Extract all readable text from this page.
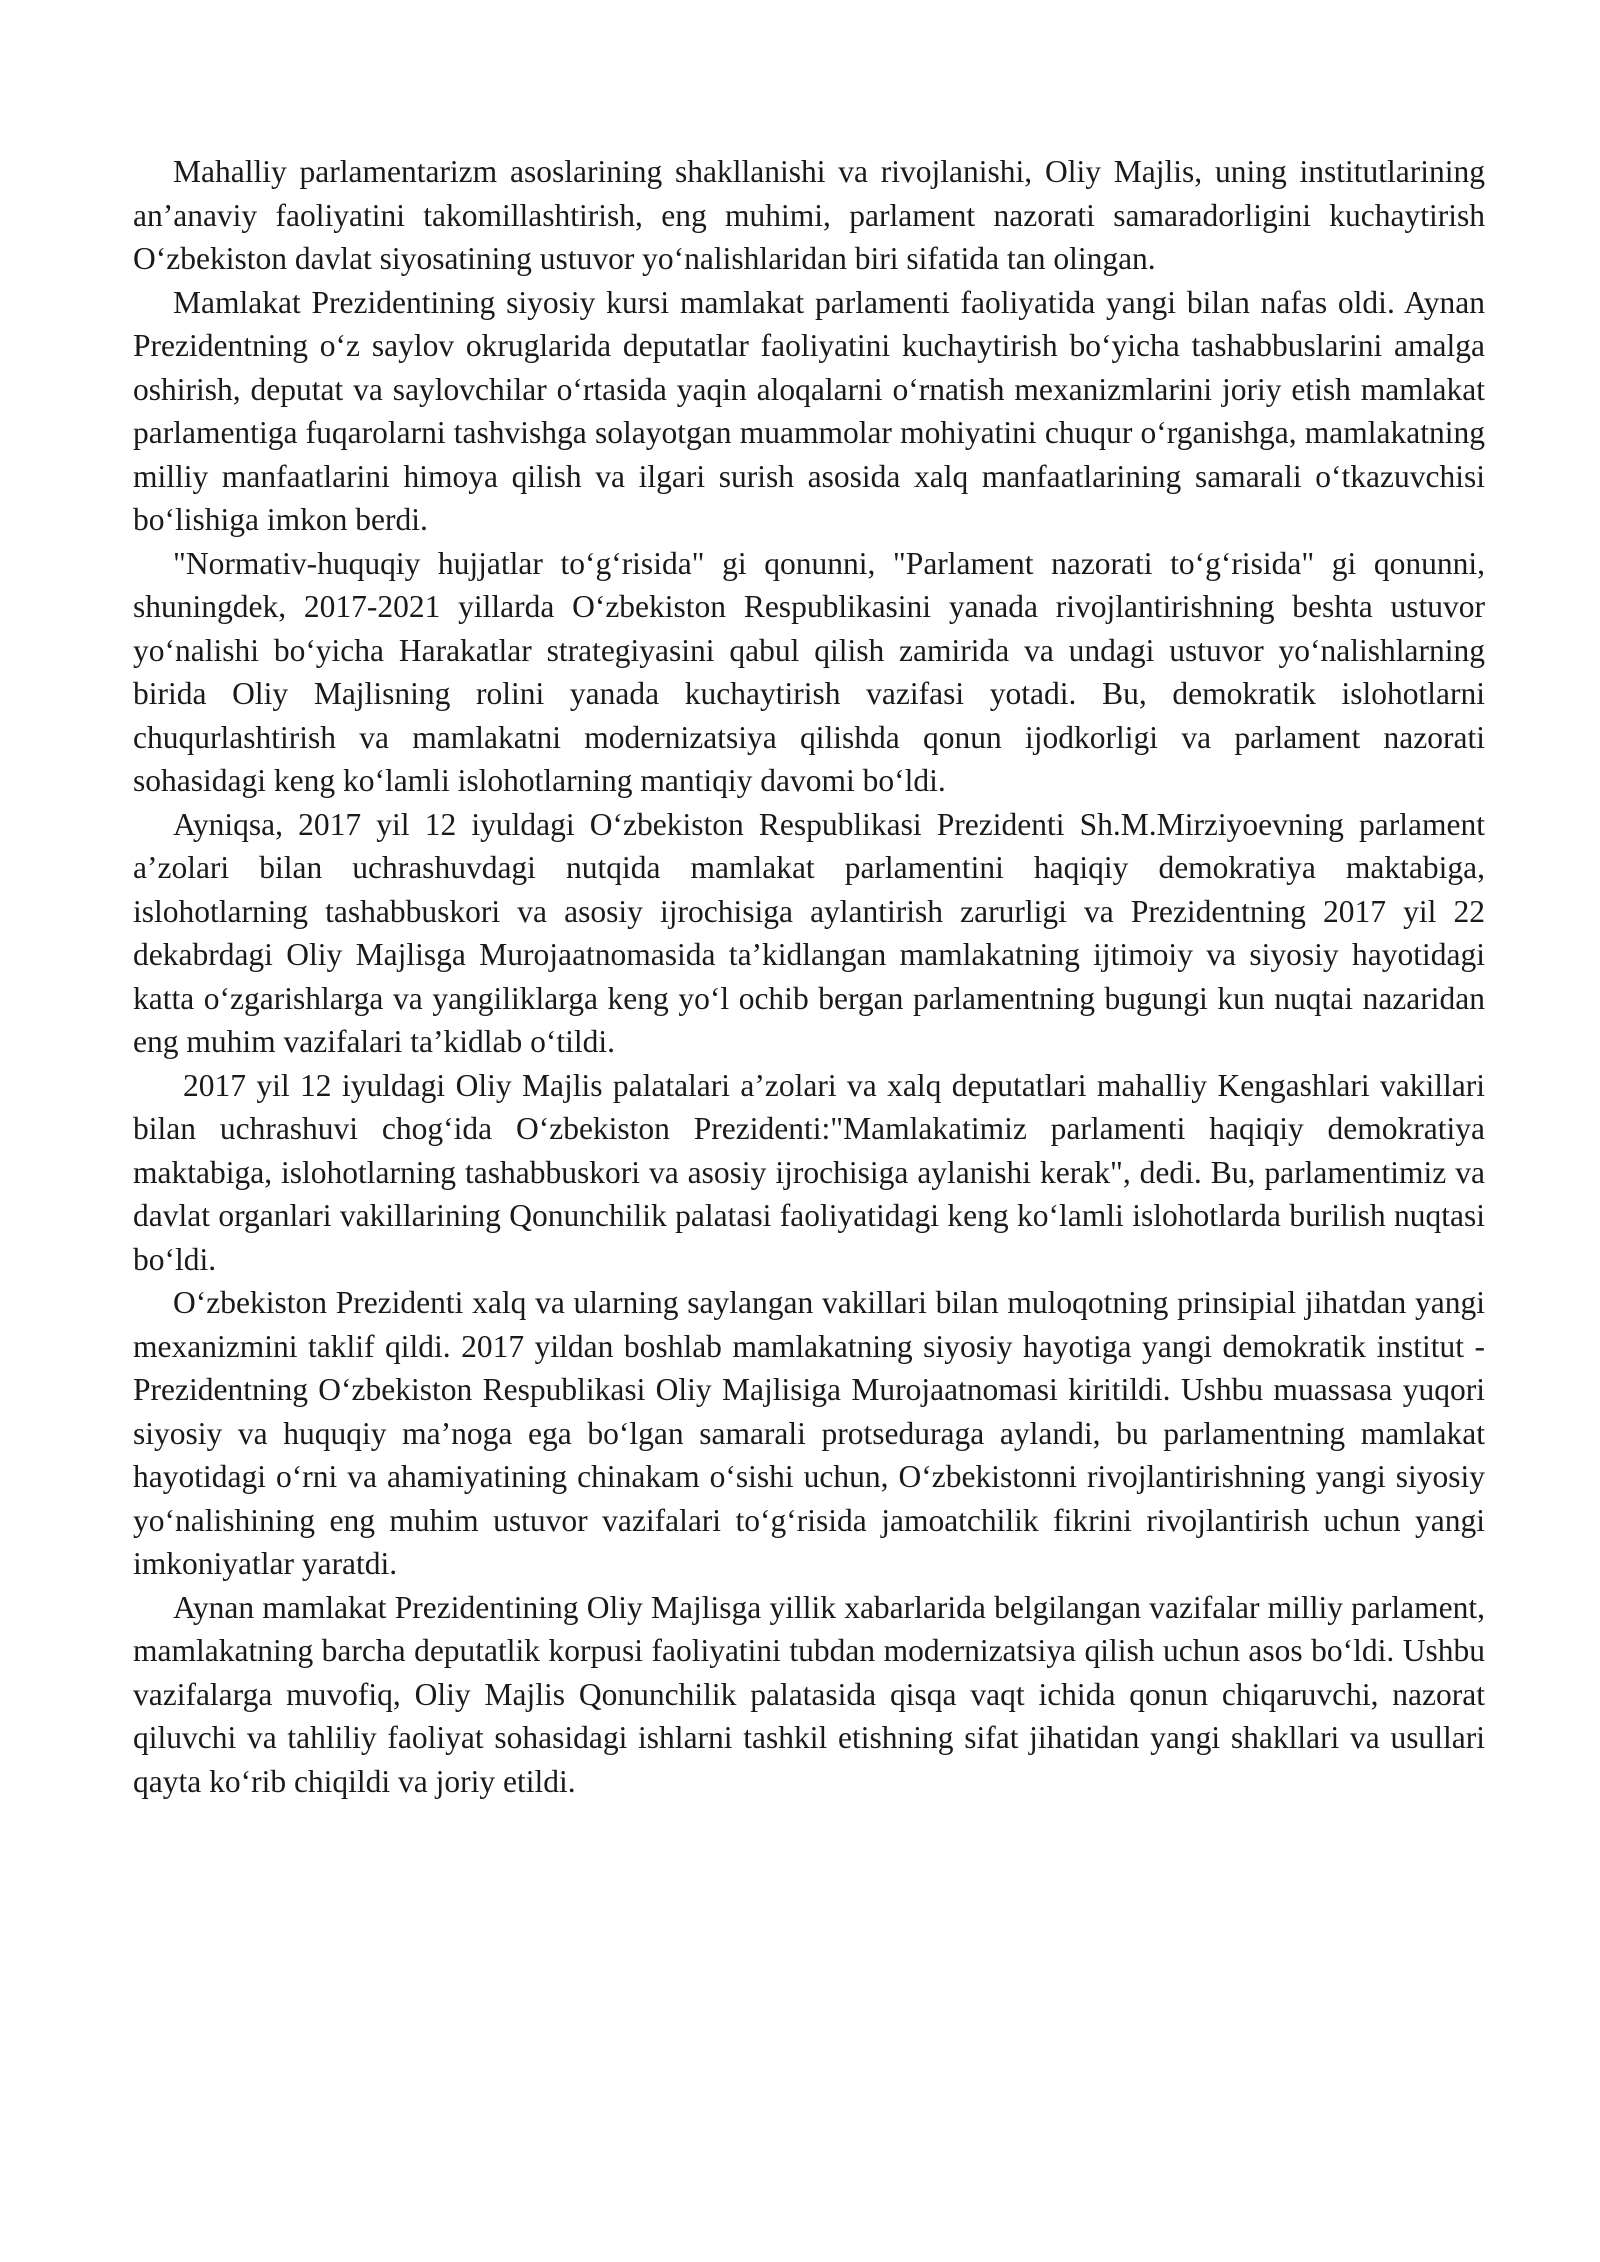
Mahalliy parlamentarizm asoslarining shakllanishi va rivojlanishi, Oliy Majlis, uning institutlarining an’anaviy faoliyatini takomillashtirish, eng muhimi, parlament nazorati samaradorligini kuchaytirish O‘zbekiston davlat siyosatining ustuvor yo‘nalishlaridan biri sifatida tan olingan.

Mamlakat Prezidentining siyosiy kursi mamlakat parlamenti faoliyatida yangi bilan nafas oldi. Aynan Prezidentning o‘z saylov okruglarida deputatlar faoliyatini kuchaytirish bo‘yicha tashabbuslarini amalga oshirish, deputat va saylovchilar o‘rtasida yaqin aloqalarni o‘rnatish mexanizmlarini joriy etish mamlakat parlamentiga fuqarolarni tashvishga solayotgan muammolar mohiyatini chuqur o‘rganishga, mamlakatning milliy manfaatlarini himoya qilish va ilgari surish asosida xalq manfaatlarining samarali o‘tkazuvchisi bo‘lishiga imkon berdi.

"Normativ-huquqiy hujjatlar to‘g‘risida" gi qonunni, "Parlament nazorati to‘g‘risida" gi qonunni, shuningdek, 2017-2021 yillarda O‘zbekiston Respublikasini yanada rivojlantirishning beshta ustuvor yo‘nalishi bo‘yicha Harakatlar strategiyasini qabul qilish zamirida va undagi ustuvor yo‘nalishlarning birida Oliy Majlisning rolini yanada kuchaytirish vazifasi yotadi. Bu, demokratik islohotlarni chuqurlashtirish va mamlakatni modernizatsiya qilishda qonun ijodkorligi va parlament nazorati sohasidagi keng ko‘lamli islohotlarning mantiqiy davomi bo‘ldi.

Ayniqsa, 2017 yil 12 iyuldagi O‘zbekiston Respublikasi Prezidenti Sh.M.Mirziyoevning parlament a’zolari bilan uchrashuvdagi nutqida mamlakat parlamentini haqiqiy demokratiya maktabiga, islohotlarning tashabbuskori va asosiy ijrochisiga aylantirish zarurligi va Prezidentning 2017 yil 22 dekabrdagi Oliy Majlisga Murojaatnomasida ta’kidlangan mamlakatning ijtimoiy va siyosiy hayotidagi katta o‘zgarishlarga va yangiliklarga keng yo‘l ochib bergan parlamentning bugungi kun nuqtai nazaridan eng muhim vazifalari ta’kidlab o‘tildi.

2017 yil 12 iyuldagi Oliy Majlis palatalari a’zolari va xalq deputatlari mahalliy Kengashlari vakillari bilan uchrashuvi chog‘ida O‘zbekiston Prezidenti:"Mamlakatimiz parlamenti haqiqiy demokratiya maktabiga, islohotlarning tashabbuskori va asosiy ijrochisiga aylanishi kerak", dedi. Bu, parlamentimiz va davlat organlari vakillarining Qonunchilik palatasi faoliyatidagi keng ko‘lamli islohotlarda burilish nuqtasi bo‘ldi.

O‘zbekiston Prezidenti xalq va ularning saylangan vakillari bilan muloqotning prinsipial jihatdan yangi mexanizmini taklif qildi. 2017 yildan boshlab mamlakatning siyosiy hayotiga yangi demokratik institut - Prezidentning O‘zbekiston Respublikasi Oliy Majlisiga Murojaatnomasi kiritildi. Ushbu muassasa yuqori siyosiy va huquqiy ma’noga ega bo‘lgan samarali protseduraga aylandi, bu parlamentning mamlakat hayotidagi o‘rni va ahamiyatining chinakam o‘sishi uchun, O‘zbekistonni rivojlantirishning yangi siyosiy yo‘nalishining eng muhim ustuvor vazifalari to‘g‘risida jamoatchilik fikrini rivojlantirish uchun yangi imkoniyatlar yaratdi.

Aynan mamlakat Prezidentining Oliy Majlisga yillik xabarlarida belgilangan vazifalar milliy parlament, mamlakatning barcha deputatlik korpusi faoliyatini tubdan modernizatsiya qilish uchun asos bo‘ldi. Ushbu vazifalarga muvofiq, Oliy Majlis Qonunchilik palatasida qisqa vaqt ichida qonun chiqaruvchi, nazorat qiluvchi va tahliliy faoliyat sohasidagi ishlarni tashkil etishning sifat jihatidan yangi shakllari va usullari qayta ko‘rib chiqildi va joriy etildi.
